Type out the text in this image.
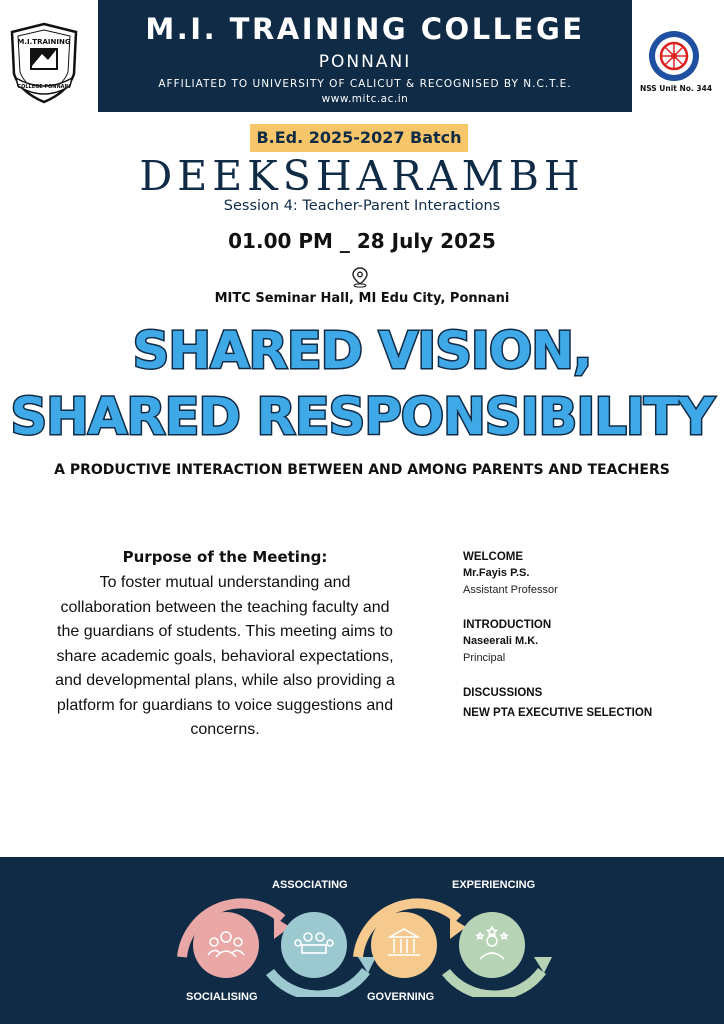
M.I.TRAINING
COLLEGE PONNANI
M.I. TRAINING COLLEGE
PONNANI
AFFILIATED TO UNIVERSITY OF CALICUT & RECOGNISED BY N.C.T.E.
www.mitc.ac.in
NSS Unit No. 344
B.Ed. 2025-2027 Batch
DEEKSHARAMBH
Session 4: Teacher-Parent Interactions
01.00 PM _ 28 July 2025
MITC Seminar Hall, MI Edu City, Ponnani
SHARED VISION,
SHARED RESPONSIBILITY
A PRODUCTIVE INTERACTION BETWEEN AND AMONG PARENTS AND TEACHERS
Purpose of the Meeting:
To foster mutual understanding and
collaboration between the teaching faculty and
the guardians of students. This meeting aims to
share academic goals, behavioral expectations,
and developmental plans, while also providing a
platform for guardians to voice suggestions and
concerns.
WELCOME
Mr.Fayis P.S.
Assistant Professor
INTRODUCTION
Naseerali M.K.
Principal
DISCUSSIONS
NEW PTA EXECUTIVE SELECTION
ASSOCIATING	EXPERIENCING
SOCIALISING	GOVERNING
